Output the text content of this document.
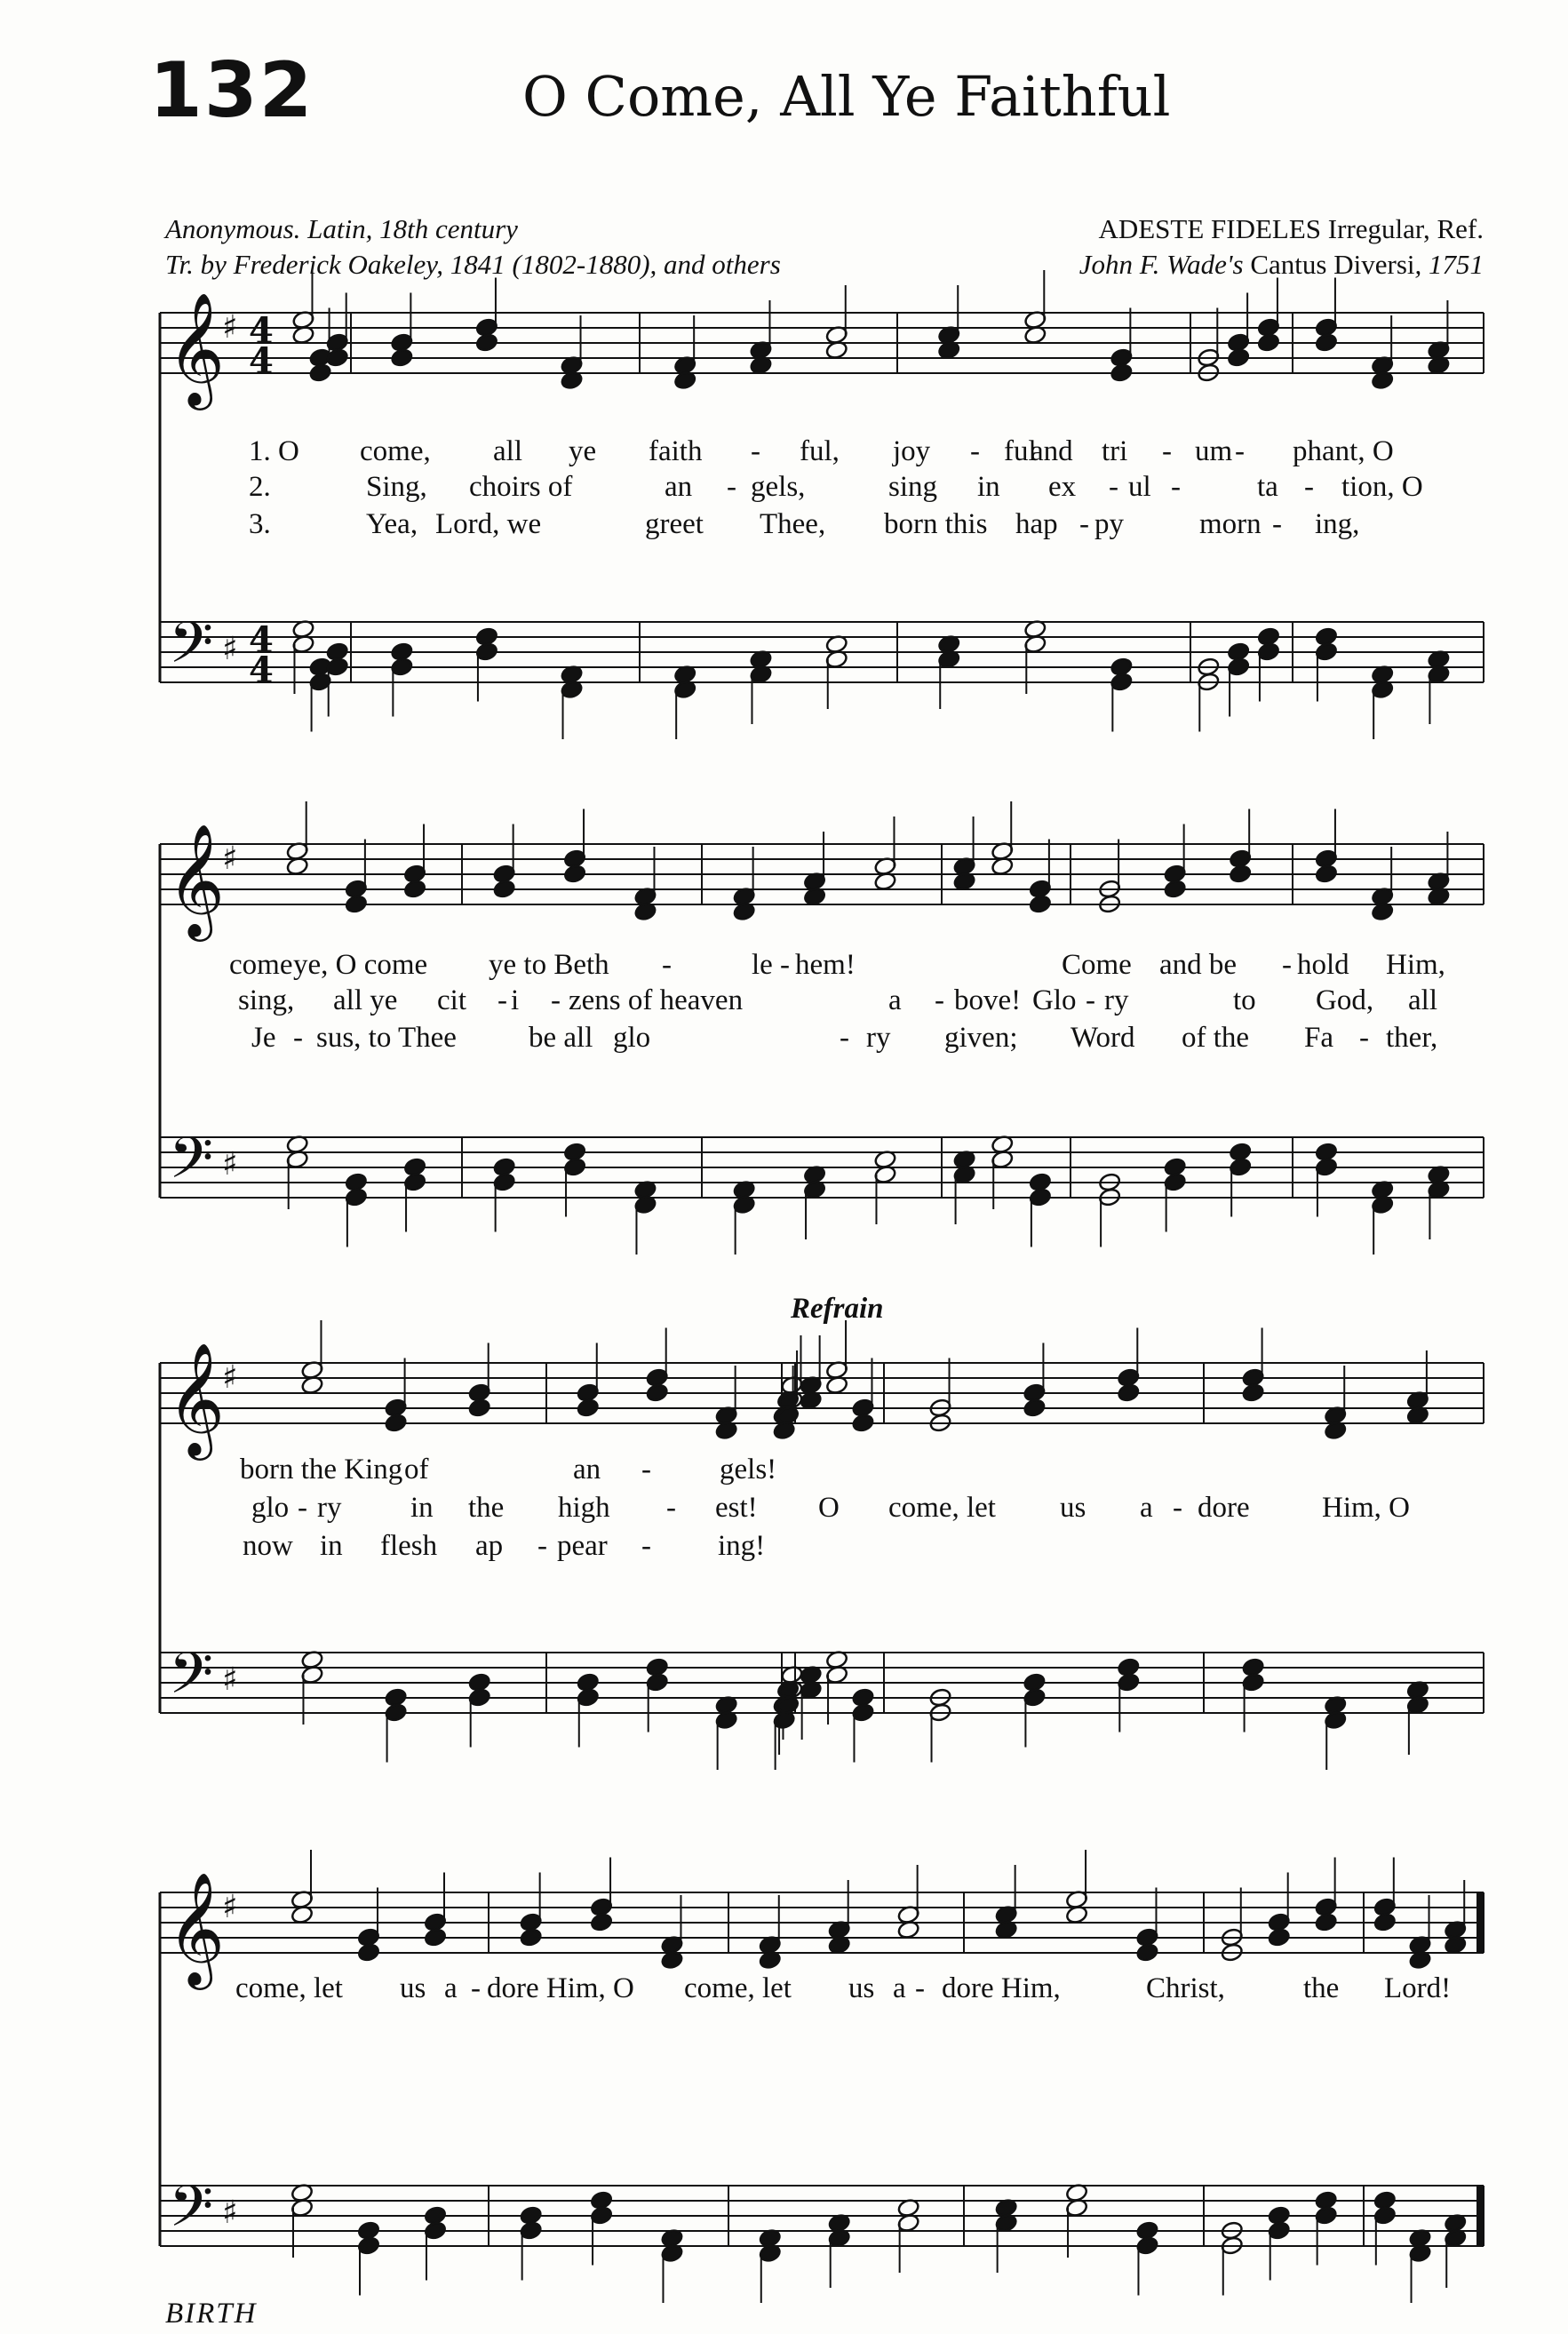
132	O Come, All Ye Faithful
Anonymous. Latin, 18th century
Tr. by Frederick Oakeley, 1841 (1802-1880), and others
ADESTE FIDELES Irregular, Ref.
John F. Wade's Cantus Diversi, 1751
Refrain
BIRTH
𝄞
♯ 4
4
𝄢 ♯ 4
4
𝄞
♯
𝄢 ♯
𝄞
♯
𝄢 ♯
𝄞
♯
𝄢 ♯
1. O come, all ye faith - ful, joy - ful
and tri - um - phant, O
2.	Sing, choirs of	an - gels,	sing in ex - ul -	ta - tion, O
3.	Yea, Lord, we	greet Thee, born this hap - py	morn - ing,
come ye, O come ye to Beth -	le - hem!	Come and be - hold Him,
sing, all ye cit - i - zens of heaven	a - bove! Glo - ry	to God, all
Je - sus, to Thee be all glo	- ry given; Word of the Fa - ther,
born the King of	an - gels!
glo - ry in the high - est! O come, let us a - dore Him, O
now in flesh ap - pear - ing!
come, let us a - dore Him, O come, let us a - dore Him,	Christ,	the Lord!
